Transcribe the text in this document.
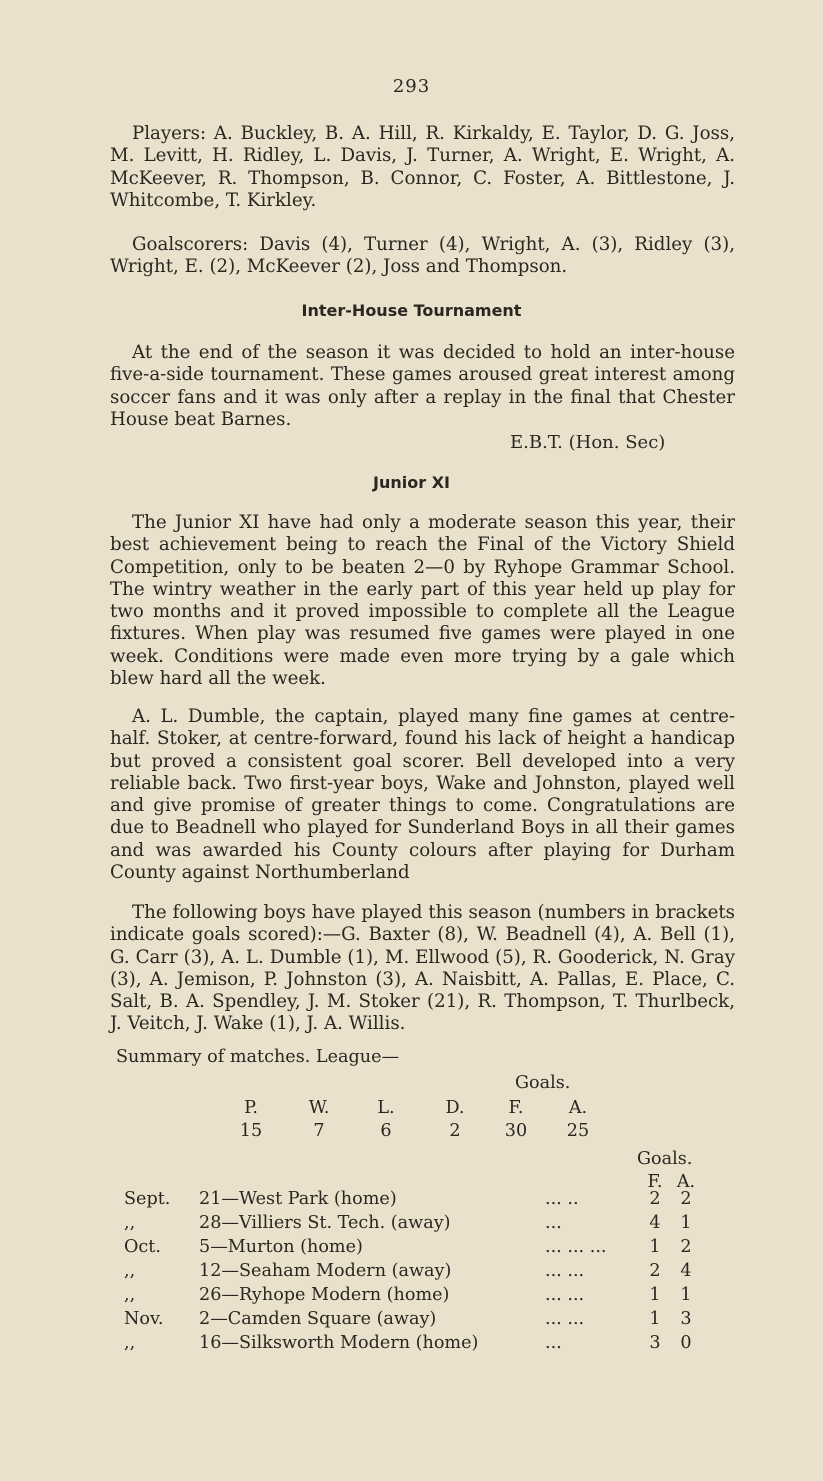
293

Players: A. Buckley, B. A. Hill, R. Kirkaldy, E. Taylor, D. G. Joss, M. Levitt, H. Ridley, L. Davis, J. Turner, A. Wright, E. Wright, A. McKeever, R. Thompson, B. Connor, C. Foster, A. Bittlestone, J. Whitcombe, T. Kirkley.

Goalscorers: Davis (4), Turner (4), Wright, A. (3), Ridley (3), Wright, E. (2), McKeever (2), Joss and Thompson.

Inter-House Tournament

At the end of the season it was decided to hold an inter-house five-a-side tournament. These games aroused great interest among soccer fans and it was only after a replay in the final that Chester House beat Barnes.

E.B.T. (Hon. Sec)

Junior XI

The Junior XI have had only a moderate season this year, their best achievement being to reach the Final of the Victory Shield Competition, only to be beaten 2—0 by Ryhope Grammar School. The wintry weather in the early part of this year held up play for two months and it proved impossible to complete all the League fixtures. When play was resumed five games were played in one week. Conditions were made even more trying by a gale which blew hard all the week.

A. L. Dumble, the captain, played many fine games at centre-half. Stoker, at centre-forward, found his lack of height a handicap but proved a consistent goal scorer. Bell developed into a very reliable back. Two first-year boys, Wake and Johnston, played well and give promise of greater things to come. Congratulations are due to Beadnell who played for Sunderland Boys in all their games and was awarded his County colours after playing for Durham County against Northumberland

The following boys have played this season (numbers in brackets indicate goals scored):—G. Baxter (8), W. Beadnell (4), A. Bell (1), G. Carr (3), A. L. Dumble (1), M. Ellwood (5), R. Gooderick, N. Gray (3), A. Jemison, P. Johnston (3), A. Naisbitt, A. Pallas, E. Place, C. Salt, B. A. Spendley, J. M. Stoker (21), R. Thompson, T. Thurlbeck, J. Veitch, J. Wake (1), J. A. Willis.

Summary of matches. League—
Goals.
P.	W.	L.	D.	F.	A.
15	7	6	2	30	25
Goals.
F. A.
Sept. 21—West Park (home)	... ..	2	2
,,	28—Villiers St. Tech. (away)	...	4	1
Oct. 5—Murton (home)	... ... ...	1	2
,,	12—Seaham Modern (away)	... ...	2	4
,,	26—Ryhope Modern (home)	... ...	1	1
Nov. 2—Camden Square (away)	... ...	1	3
,,	16—Silksworth Modern (home)	...	3	0
